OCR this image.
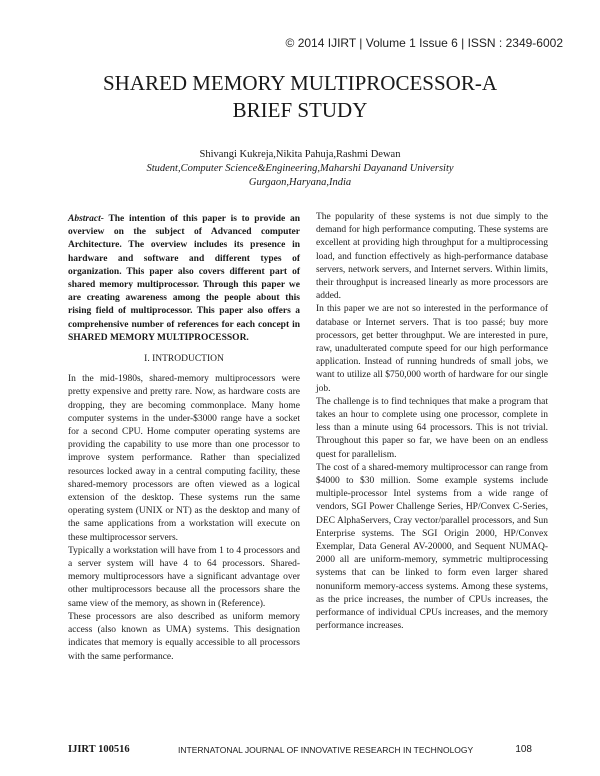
© 2014 IJIRT | Volume 1 Issue 6 | ISSN : 2349-6002
SHARED MEMORY MULTIPROCESSOR-A
BRIEF STUDY
Shivangi Kukreja,Nikita Pahuja,Rashmi Dewan
Student,Computer Science&Engineering,Maharshi Dayanand University
Gurgaon,Haryana,India

Abstract- The intention of this paper is to provide an overview on the subject of Advanced computer Architecture. The overview includes its presence in hardware and software and different types of organization. This paper also covers different part of shared memory multiprocessor. Through this paper we are creating awareness among the people about this rising field of multiprocessor. This paper also offers a comprehensive number of references for each concept in SHARED MEMORY MULTIPROCESSOR.

I. INTRODUCTION

In the mid-1980s, shared-memory multiprocessors were pretty expensive and pretty rare. Now, as hardware costs are dropping, they are becoming commonplace. Many home computer systems in the under-$3000 range have a socket for a second CPU. Home computer operating systems are providing the capability to use more than one processor to improve system performance. Rather than specialized resources locked away in a central computing facility, these shared-memory processors are often viewed as a logical extension of the desktop. These systems run the same operating system (UNIX or NT) as the desktop and many of the same applications from a workstation will execute on these multiprocessor servers.

Typically a workstation will have from 1 to 4 processors and a server system will have 4 to 64 processors. Shared-memory multiprocessors have a significant advantage over other multiprocessors because all the processors share the same view of the memory, as shown in (Reference).

These processors are also described as uniform memory access (also known as UMA) systems. This designation indicates that memory is equally accessible to all processors with the same performance.

The popularity of these systems is not due simply to the demand for high performance computing. These systems are excellent at providing high throughput for a multiprocessing load, and function effectively as high-performance database servers, network servers, and Internet servers. Within limits, their throughput is increased linearly as more processors are added.

In this paper we are not so interested in the performance of database or Internet servers. That is too passé; buy more processors, get better throughput. We are interested in pure, raw, unadulterated compute speed for our high performance application. Instead of running hundreds of small jobs, we want to utilize all $750,000 worth of hardware for our single job.

The challenge is to find techniques that make a program that takes an hour to complete using one processor, complete in less than a minute using 64 processors. This is not trivial. Throughout this paper so far, we have been on an endless quest for parallelism.

The cost of a shared-memory multiprocessor can range from $4000 to $30 million. Some example systems include multiple-processor Intel systems from a wide range of vendors, SGI Power Challenge Series, HP/Convex C-Series, DEC AlphaServers, Cray vector/parallel processors, and Sun Enterprise systems. The SGI Origin 2000, HP/Convex Exemplar, Data General AV-20000, and Sequent NUMAQ-2000 all are uniform-memory, symmetric multiprocessing systems that can be linked to form even larger shared nonuniform memory-access systems. Among these systems, as the price increases, the number of CPUs increases, the performance of individual CPUs increases, and the memory performance increases.

IJIRT 100516	INTERNATONAL JOURNAL OF INNOVATIVE RESEARCH IN TECHNOLOGY	108
